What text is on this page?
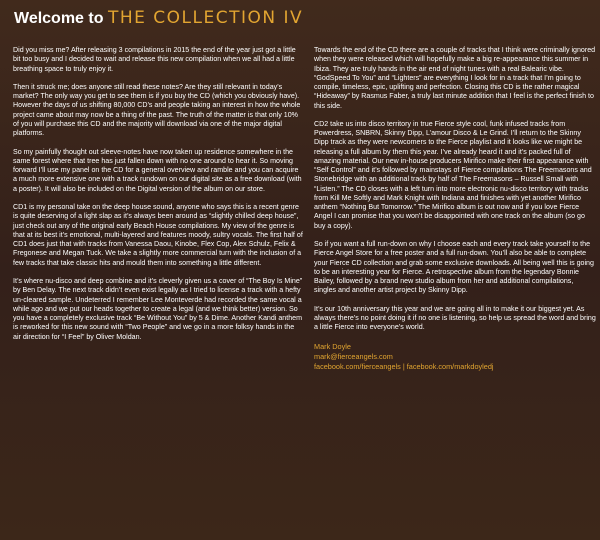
Welcome to THE COLLECTION IV

Did you miss me? After releasing 3 compilations in 2015 the end of the year just got a little bit too busy and I decided to wait and release this new compilation when we all had a little breathing space to truly enjoy it.

Then it struck me; does anyone still read these notes? Are they still relevant in today’s market? The only way you get to see them is if you buy the CD (which you obviously have). However the days of us shifting 80,000 CD’s and people taking an interest in how the whole project came about may now be a thing of the past. The truth of the matter is that only 10% of you will purchase this CD and the majority will download via one of the major digital platforms.

So my painfully thought out sleeve-notes have now taken up residence somewhere in the same forest where that tree has just fallen down with no one around to hear it. So moving forward I’ll use my panel on the CD for a general overview and ramble and you can acquire a much more extensive one with a track rundown on our digital site as a free download (with a poster). It will also be included on the Digital version of the album on our store.

CD1 is my personal take on the deep house sound, anyone who says this is a recent genre is quite deserving of a light slap as it’s always been around as “slightly chilled deep house”, just check out any of the original early Beach House compilations. My view of the genre is that at its best it’s emotional, multi-layered and features moody, sultry vocals. The first half of CD1 does just that with tracks from Vanessa Daou, Kinobe, Flex Cop, Alex Schulz, Felix & Fregonese and Megan Tuck. We take a slightly more commercial turn with the inclusion of a few tracks that take classic hits and mould them into something a little different.

It’s where nu-disco and deep combine and it’s cleverly given us a cover of “The Boy Is Mine” by Ben Delay. The next track didn’t even exist legally as I tried to license a track with a hefty un-cleared sample. Undeterred I remember Lee Monteverde had recorded the same vocal a while ago and we put our heads together to create a legal (and we think better) version. So you have a completely exclusive track “Be Without You” by 5 & Dime. Another Kandi anthem is reworked for this new sound with “Two People” and we go in a more folksy hands in the air direction for “I Feel” by Oliver Moldan.

Towards the end of the CD there are a couple of tracks that I think were criminally ignored when they were released which will hopefully make a big re-appearance this summer in Ibiza. They are truly hands in the air end of night tunes with a real Balearic vibe. “GodSpeed To You” and “Lighters” are everything I look for in a track that I’m going to compile, timeless, epic, uplifting and perfection. Closing this CD is the rather magical “Hideaway” by Rasmus Faber, a truly last minute addition that I feel is the perfect finish to this side.

CD2 take us into disco territory in true Fierce style cool, funk infused tracks from Powerdress, SNBRN, Skinny Dipp, L’amour Disco & Le Grind. I’ll return to the Skinny Dipp track as they were newcomers to the Fierce playlist and it looks like we might be releasing a full album by them this year. I’ve already heard it and it’s packed full of amazing material. Our new in-house producers Mirifico make their first appearance with “Self Control” and it’s followed by mainstays of Fierce compilations The Freemasons and Stonebridge with an additional track by half of The Freemasons – Russell Small with “Listen.” The CD closes with a left turn into more electronic nu-disco territory with tracks from Kill Me Softly and Mark Knight with Indiana and finishes with yet another Mirifico anthem “Nothing But Tomorrow.” The Mirifico album is out now and if you love Fierce Angel I can promise that you won’t be disappointed with one track on the album (so go buy a copy).

So if you want a full run-down on why I choose each and every track take yourself to the Fierce Angel Store for a free poster and a full run-down. You’ll also be able to complete your Fierce CD collection and grab some exclusive downloads. All being well this is going to be an interesting year for Fierce. A retrospective album from the legendary Bonnie Bailey, followed by a brand new studio album from her and additional compilations, singles and another artist project by Skinny Dipp.

It’s our 10th anniversary this year and we are going all in to make it our biggest yet. As always there’s no point doing it if no one is listening, so help us spread the word and bring a little Fierce into everyone’s world.

Mark Doyle

mark@fierceangels.com

facebook.com/fierceangels | facebook.com/markdoyledj
